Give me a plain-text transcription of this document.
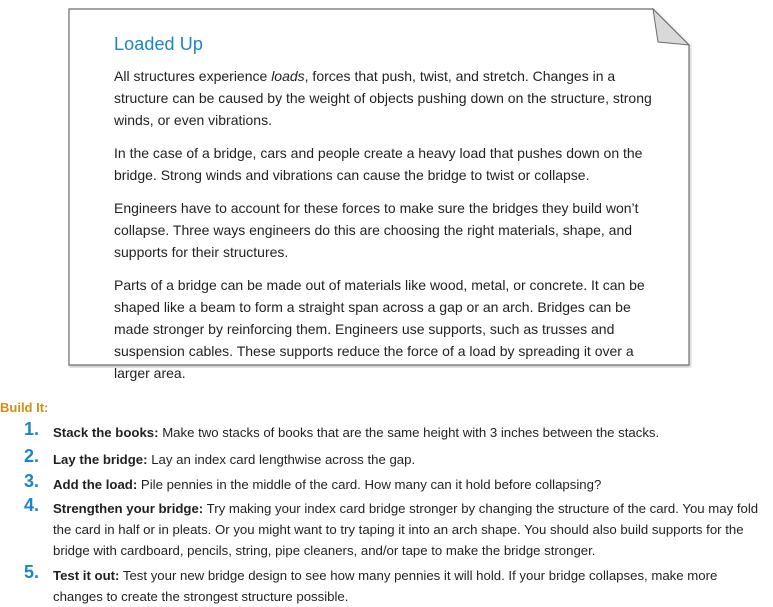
Loaded Up

All structures experience loads, forces that push, twist, and stretch. Changes in a structure can be caused by the weight of objects pushing down on the structure, strong winds, or even vibrations.

In the case of a bridge, cars and people create a heavy load that pushes down on the bridge. Strong winds and vibrations can cause the bridge to twist or collapse.

Engineers have to account for these forces to make sure the bridges they build won’t collapse. Three ways engineers do this are choosing the right materials, shape, and supports for their structures.

Parts of a bridge can be made out of materials like wood, metal, or concrete. It can be shaped like a beam to form a straight span across a gap or an arch. Bridges can be made stronger by reinforcing them. Engineers use supports, such as trusses and suspension cables. These supports reduce the force of a load by spreading it over a larger area.

Build It:
1.	Stack the books: Make two stacks of books that are the same height with 3 inches between the stacks.
2.	Lay the bridge: Lay an index card lengthwise across the gap.
3.	Add the load: Pile pennies in the middle of the card. How many can it hold before collapsing?
4.	Strengthen your bridge: Try making your index card bridge stronger by changing the structure of the card. You may fold the card in half or in pleats. Or you might want to try taping it into an arch shape. You should also build supports for the bridge with cardboard, pencils, string, pipe cleaners, and/or tape to make the bridge stronger.
5.	Test it out: Test your new bridge design to see how many pennies it will hold. If your bridge collapses, make more changes to create the strongest structure possible.
